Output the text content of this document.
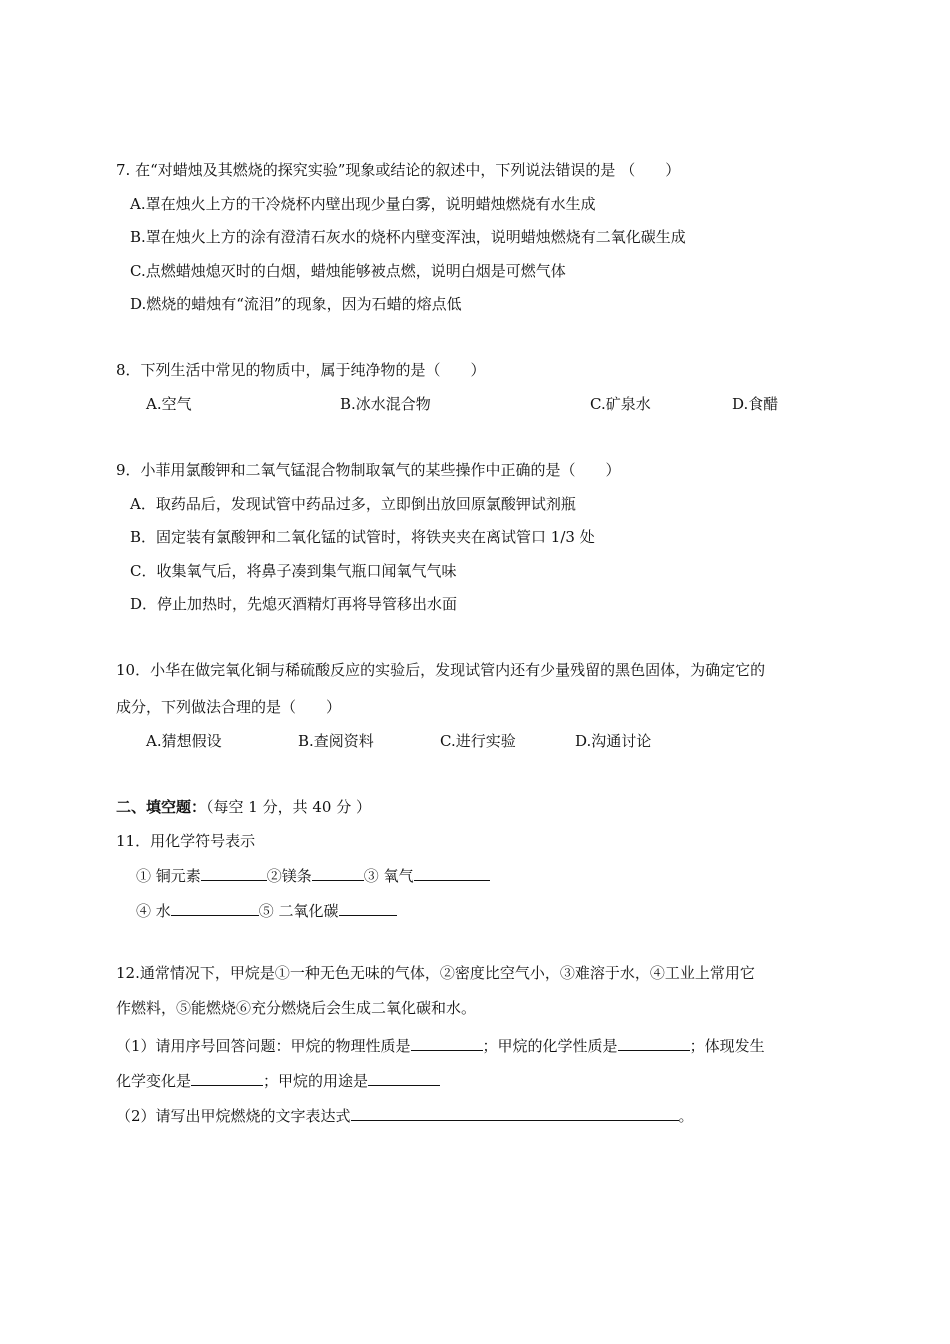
7. 在“对蜡烛及其燃烧的探究实验”现象或结论的叙述中，下列说法错误的是 （　　）
A.罩在烛火上方的干冷烧杯内壁出现少量白雾，说明蜡烛燃烧有水生成
B.罩在烛火上方的涂有澄清石灰水的烧杯内壁变浑浊，说明蜡烛燃烧有二氧化碳生成
C.点燃蜡烛熄灭时的白烟，蜡烛能够被点燃，说明白烟是可燃气体
D.燃烧的蜡烛有“流泪”的现象，因为石蜡的熔点低
8．下列生活中常见的物质中，属于纯净物的是（　　）
A.空气	B.冰水混合物	C.矿泉水	D.食醋
9．小菲用氯酸钾和二氧气锰混合物制取氧气的某些操作中正确的是（　　）
A．取药品后，发现试管中药品过多，立即倒出放回原氯酸钾试剂瓶
B．固定装有氯酸钾和二氧化锰的试管时，将铁夹夹在离试管口 1/3 处
C．收集氧气后，将鼻子凑到集气瓶口闻氧气气味
D．停止加热时，先熄灭酒精灯再将导管移出水面
10．小华在做完氧化铜与稀硫酸反应的实验后，发现试管内还有少量残留的黑色固体，为确定它的
成分，下列做法合理的是（　　）
A.猜想假设	B.查阅资料	C.进行实验	D.沟通讨论
二、填空题：（每空 1 分，共 40 分 ）
11．用化学符号表示
① 铜元素	②镁条	③ 氧气
④ 水	⑤ 二氧化碳
12.通常情况下，甲烷是①一种无色无味的气体，②密度比空气小，③难溶于水，④工业上常用它
作燃料，⑤能燃烧⑥充分燃烧后会生成二氧化碳和水。
（1）请用序号回答问题：甲烷的物理性质是	；甲烷的化学性质是	；体现发生
化学变化是	；甲烷的用途是
（2）请写出甲烷燃烧的文字表达式	。
